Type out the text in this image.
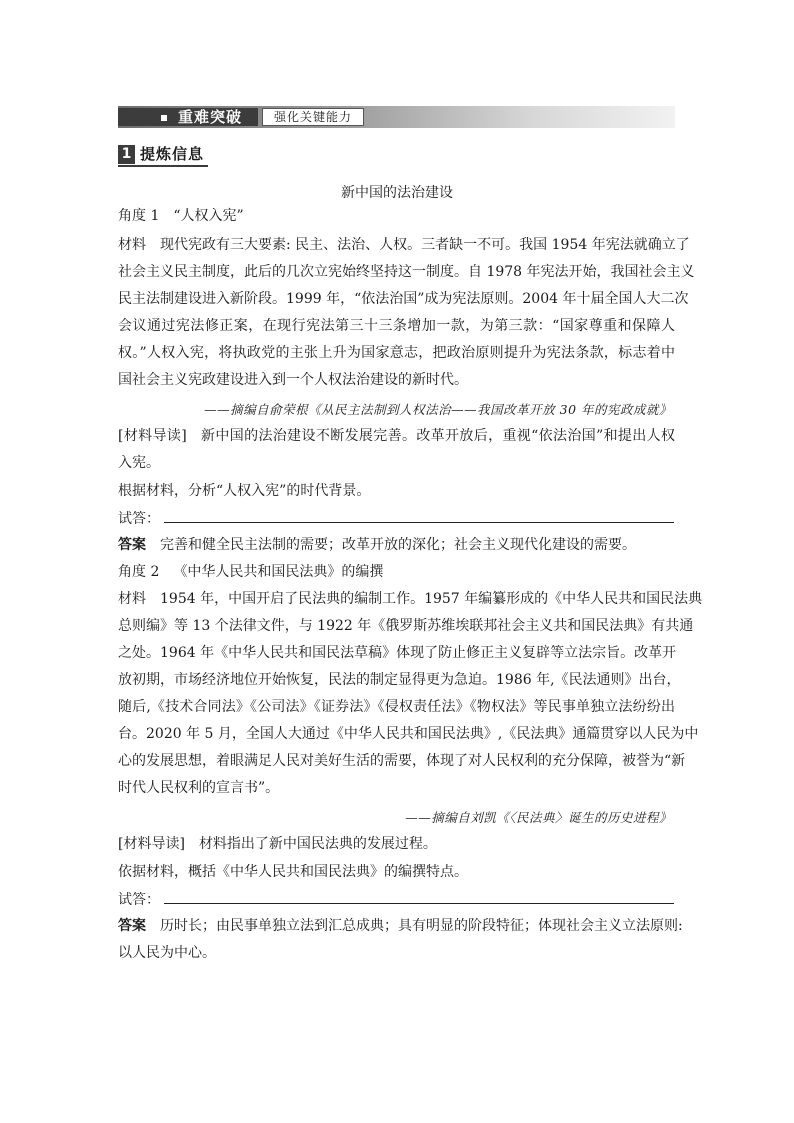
重难突破	强化关键能力
1 提炼信息
新中国的法治建设
角度 1 “人权入宪”
材料 现代宪政有三大要素: 民主、法治、人权。三者缺一不可。我国 1954 年宪法就确立了
社会主义民主制度，此后的几次立宪始终坚持这一制度。自 1978 年宪法开始，我国社会主义
民主法制建设进入新阶段。1999 年，“依法治国”成为宪法原则。2004 年十届全国人大二次
会议通过宪法修正案，在现行宪法第三十三条增加一款，为第三款：“国家尊重和保障人
权。”人权入宪，将执政党的主张上升为国家意志，把政治原则提升为宪法条款，标志着中
国社会主义宪政建设进入到一个人权法治建设的新时代。
——摘编自俞荣根《从民主法制到人权法治——我国改革开放 30 年的宪政成就》
[材料导读] 新中国的法治建设不断发展完善。改革开放后，重视“依法治国”和提出人权
入宪。
根据材料，分析“人权入宪”的时代背景。
试答：
答案 完善和健全民主法制的需要；改革开放的深化；社会主义现代化建设的需要。
角度 2 《中华人民共和国民法典》的编撰
材料 1954 年，中国开启了民法典的编制工作。1957 年编纂形成的《中华人民共和国民法典
总则编》等 13 个法律文件，与 1922 年《俄罗斯苏维埃联邦社会主义共和国民法典》有共通
之处。1964 年《中华人民共和国民法草稿》体现了防止修正主义复辟等立法宗旨。改革开
放初期，市场经济地位开始恢复，民法的制定显得更为急迫。1986 年,《民法通则》出台，
随后,《技术合同法》《公司法》《证券法》《侵权责任法》《物权法》等民事单独立法纷纷出
台。2020 年 5 月，全国人大通过《中华人民共和国民法典》,《民法典》通篇贯穿以人民为中
心的发展思想，着眼满足人民对美好生活的需要，体现了对人民权利的充分保障，被誉为“新
时代人民权利的宣言书”。
——摘编自刘凯《〈民法典〉诞生的历史进程》
[材料导读] 材料指出了新中国民法典的发展过程。
依据材料，概括《中华人民共和国民法典》的编撰特点。
试答：
答案 历时长；由民事单独立法到汇总成典；具有明显的阶段特征；体现社会主义立法原则:
以人民为中心。
